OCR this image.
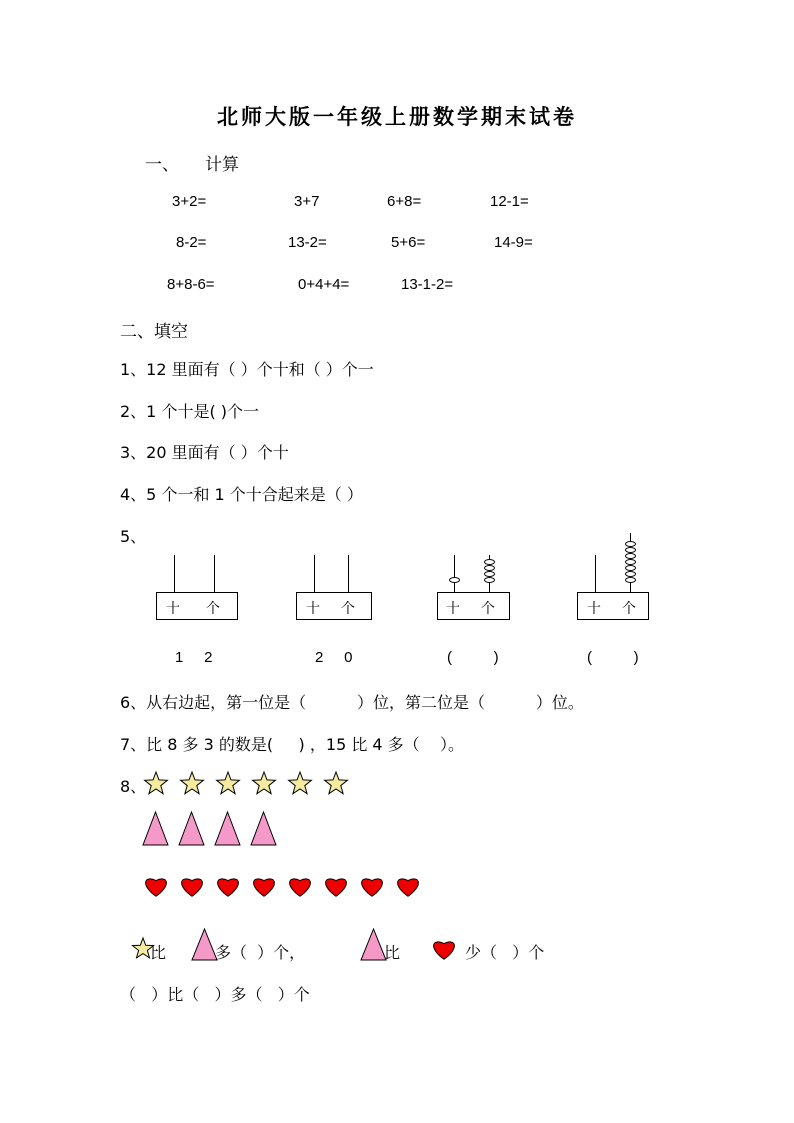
北师大版一年级上册数学期末试卷
一、 计算
3+2=	3+7	6+8=	12-1=
8-2=	13-2=	5+6=	14-9=
8+8-6=	0+4+4=	13-1-2=
二、填空
1、12 里面有（ ）个十和（ ）个一
2、1 个十是( )个一
3、20 里面有（ ）个十
4、5 个一和 1 个十合起来是（ ）
5、
十 个	十 个	十 个	十 个
1     2	2     0	(          )	(          )
6、从右边起，第一位是（          ）位，第二位是（          ）位。
7、比 8 多 3 的数是(     ) ，15 比 4 多（    ）。
8、
比	多（  ）个，	比	少（   ）个
（   ）比（   ）多（   ）个
